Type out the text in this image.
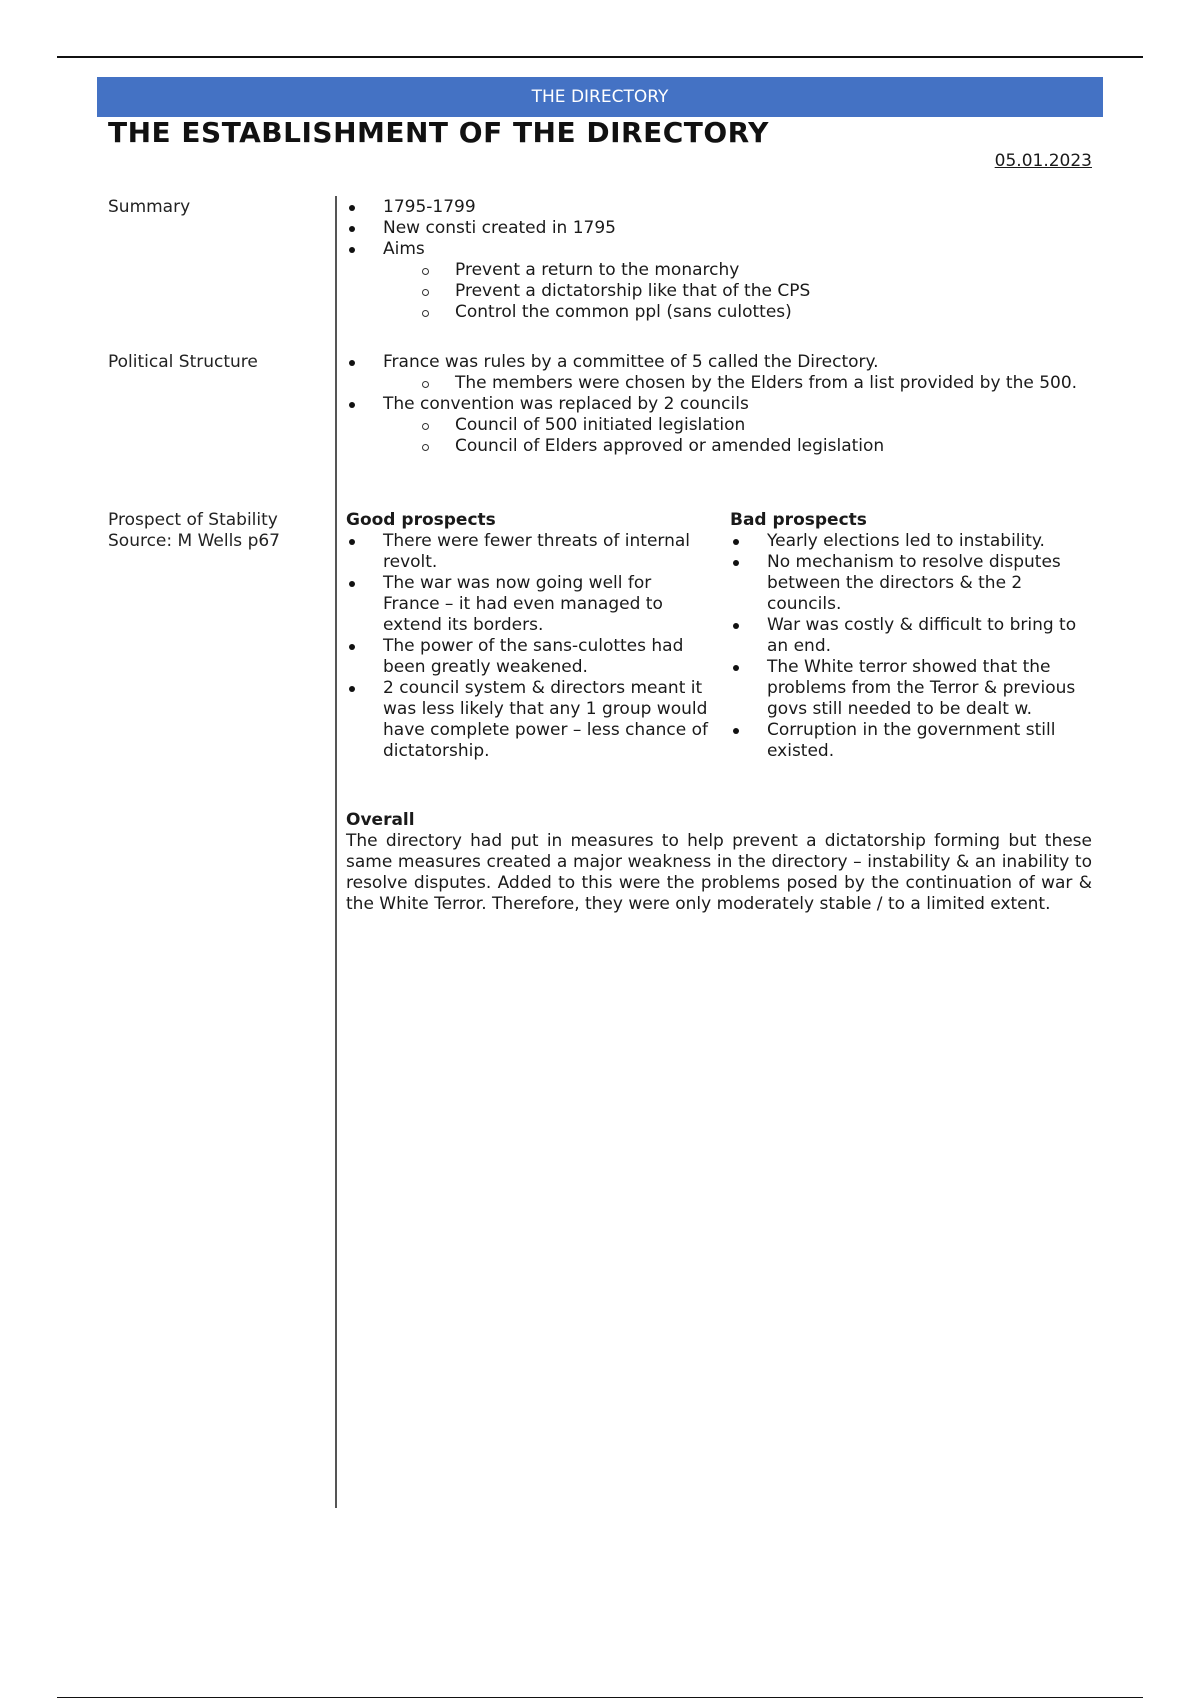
THE DIRECTORY
THE ESTABLISHMENT OF THE DIRECTORY
05.01.2023
Summary	1795-1799
New consti created in 1795
Aims
Prevent a return to the monarchy
Prevent a dictatorship like that of the CPS
Control the common ppl (sans culottes)
Political Structure	France was rules by a committee of 5 called the Directory.
The members were chosen by the Elders from a list provided by the 500.
The convention was replaced by 2 councils
Council of 500 initiated legislation
Council of Elders approved or amended legislation
Prospect of Stability
Source: M Wells p67
Good prospects
There were fewer threats of internal revolt.
The war was now going well for France – it had even managed to extend its borders.
The power of the sans-culottes had been greatly weakened.
2 council system & directors meant it was less likely that any 1 group would have complete power – less chance of dictatorship.
Bad prospects
Yearly elections led to instability.
No mechanism to resolve disputes between the directors & the 2 councils.
War was costly & difficult to bring to an end.
The White terror showed that the problems from the Terror & previous govs still needed to be dealt w.
Corruption in the government still existed.
Overall
The directory had put in measures to help prevent a dictatorship forming but these same measures created a major weakness in the directory – instability & an inability to resolve disputes. Added to this were the problems posed by the continuation of war & the White Terror. Therefore, they were only moderately stable / to a limited extent.
